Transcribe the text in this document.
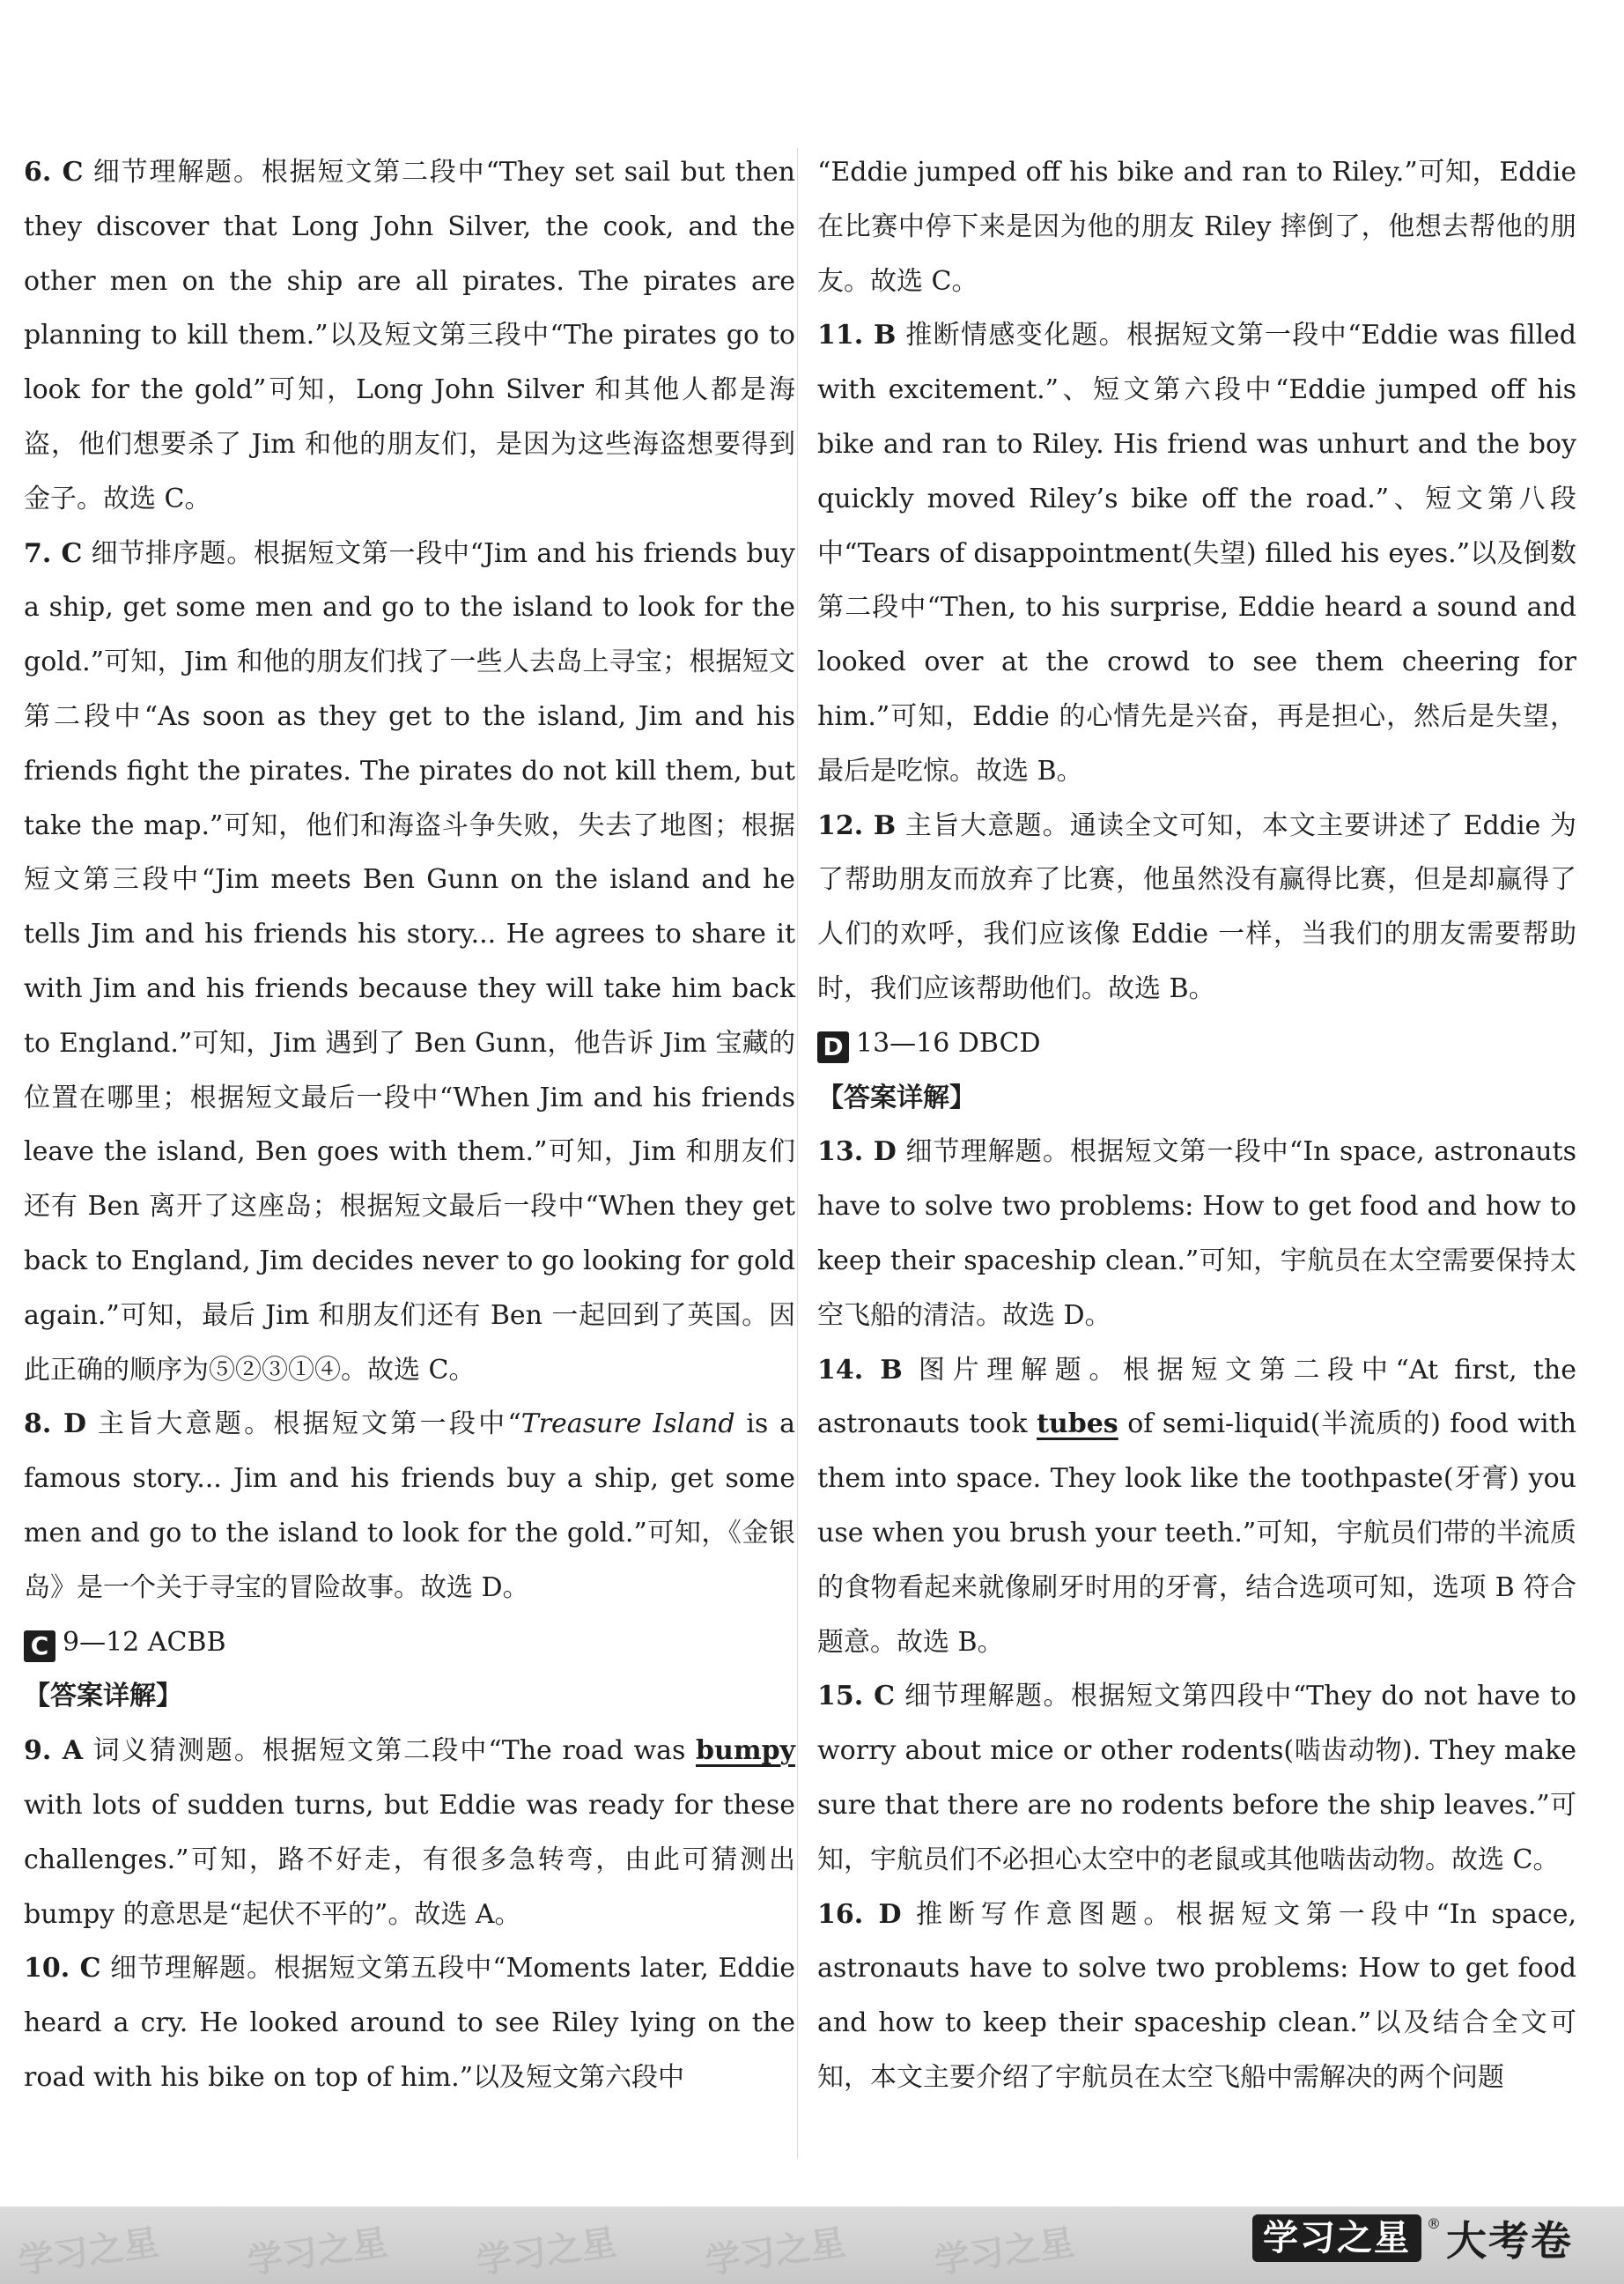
6. C 细节理解题。根据短文第二段中“They set sail but then they discover that Long John Silver, the cook, and the other men on the ship are all pirates. The pirates are planning to kill them.”以及短文第三段中“The pirates go to look for the gold”可知，Long John Silver 和其他人都是海盗，他们想要杀了 Jim 和他的朋友们，是因为这些海盗想要得到金子。故选 C。

7. C 细节排序题。根据短文第一段中“Jim and his friends buy a ship, get some men and go to the island to look for the gold.”可知，Jim 和他的朋友们找了一些人去岛上寻宝；根据短文第二段中“As soon as they get to the island, Jim and his friends fight the pirates. The pirates do not kill them, but take the map.”可知，他们和海盗斗争失败，失去了地图；根据短文第三段中“Jim meets Ben Gunn on the island and he tells Jim and his friends his story... He agrees to share it with Jim and his friends because they will take him back to England.”可知，Jim 遇到了 Ben Gunn，他告诉 Jim 宝藏的位置在哪里；根据短文最后一段中“When Jim and his friends leave the island, Ben goes with them.”可知，Jim 和朋友们还有 Ben 离开了这座岛；根据短文最后一段中“When they get back to England, Jim decides never to go looking for gold again.”可知，最后 Jim 和朋友们还有 Ben 一起回到了英国。因此正确的顺序为⑤②③①④。故选 C。

8. D 主旨大意题。根据短文第一段中“Treasure Island is a famous story... Jim and his friends buy a ship, get some men and go to the island to look for the gold.”可知，《金银岛》是一个关于寻宝的冒险故事。故选 D。

C 9—12 ACBB

【答案详解】

9. A 词义猜测题。根据短文第二段中“The road was bumpy with lots of sudden turns, but Eddie was ready for these challenges.”可知，路不好走，有很多急转弯，由此可猜测出 bumpy 的意思是“起伏不平的”。故选 A。

10. C 细节理解题。根据短文第五段中“Moments later, Eddie heard a cry. He looked around to see Riley lying on the road with his bike on top of him.”以及短文第六段中

“Eddie jumped off his bike and ran to Riley.”可知，Eddie 在比赛中停下来是因为他的朋友 Riley 摔倒了，他想去帮他的朋友。故选 C。

11. B 推断情感变化题。根据短文第一段中“Eddie was filled with excitement.”、短文第六段中“Eddie jumped off his bike and ran to Riley. His friend was unhurt and the boy quickly moved Riley’s bike off the road.”、短文第八段中“Tears of disappointment(失望) filled his eyes.”以及倒数第二段中“Then, to his surprise, Eddie heard a sound and looked over at the crowd to see them cheering for him.”可知，Eddie 的心情先是兴奋，再是担心，然后是失望，最后是吃惊。故选 B。

12. B 主旨大意题。通读全文可知，本文主要讲述了 Eddie 为了帮助朋友而放弃了比赛，他虽然没有赢得比赛，但是却赢得了人们的欢呼，我们应该像 Eddie 一样，当我们的朋友需要帮助时，我们应该帮助他们。故选 B。

D 13—16 DBCD

【答案详解】

13. D 细节理解题。根据短文第一段中“In space, astronauts have to solve two problems: How to get food and how to keep their spaceship clean.”可知，宇航员在太空需要保持太空飞船的清洁。故选 D。

14. B 图片理解题。根据短文第二段中“At first, the astronauts took tubes of semi-liquid(半流质的) food with them into space. They look like the toothpaste(牙膏) you use when you brush your teeth.”可知，宇航员们带的半流质的食物看起来就像刷牙时用的牙膏，结合选项可知，选项 B 符合题意。故选 B。

15. C 细节理解题。根据短文第四段中“They do not have to worry about mice or other rodents(啮齿动物). They make sure that there are no rodents before the ship leaves.”可知，宇航员们不必担心太空中的老鼠或其他啮齿动物。故选 C。

16. D 推断写作意图题。根据短文第一段中“In space, astronauts have to solve two problems: How to get food and how to keep their spaceship clean.”以及结合全文可知，本文主要介绍了宇航员在太空飞船中需解决的两个问题

学习之星 学习之星 学习之星 学习之星 学习之星	学习之星	® 大考卷
